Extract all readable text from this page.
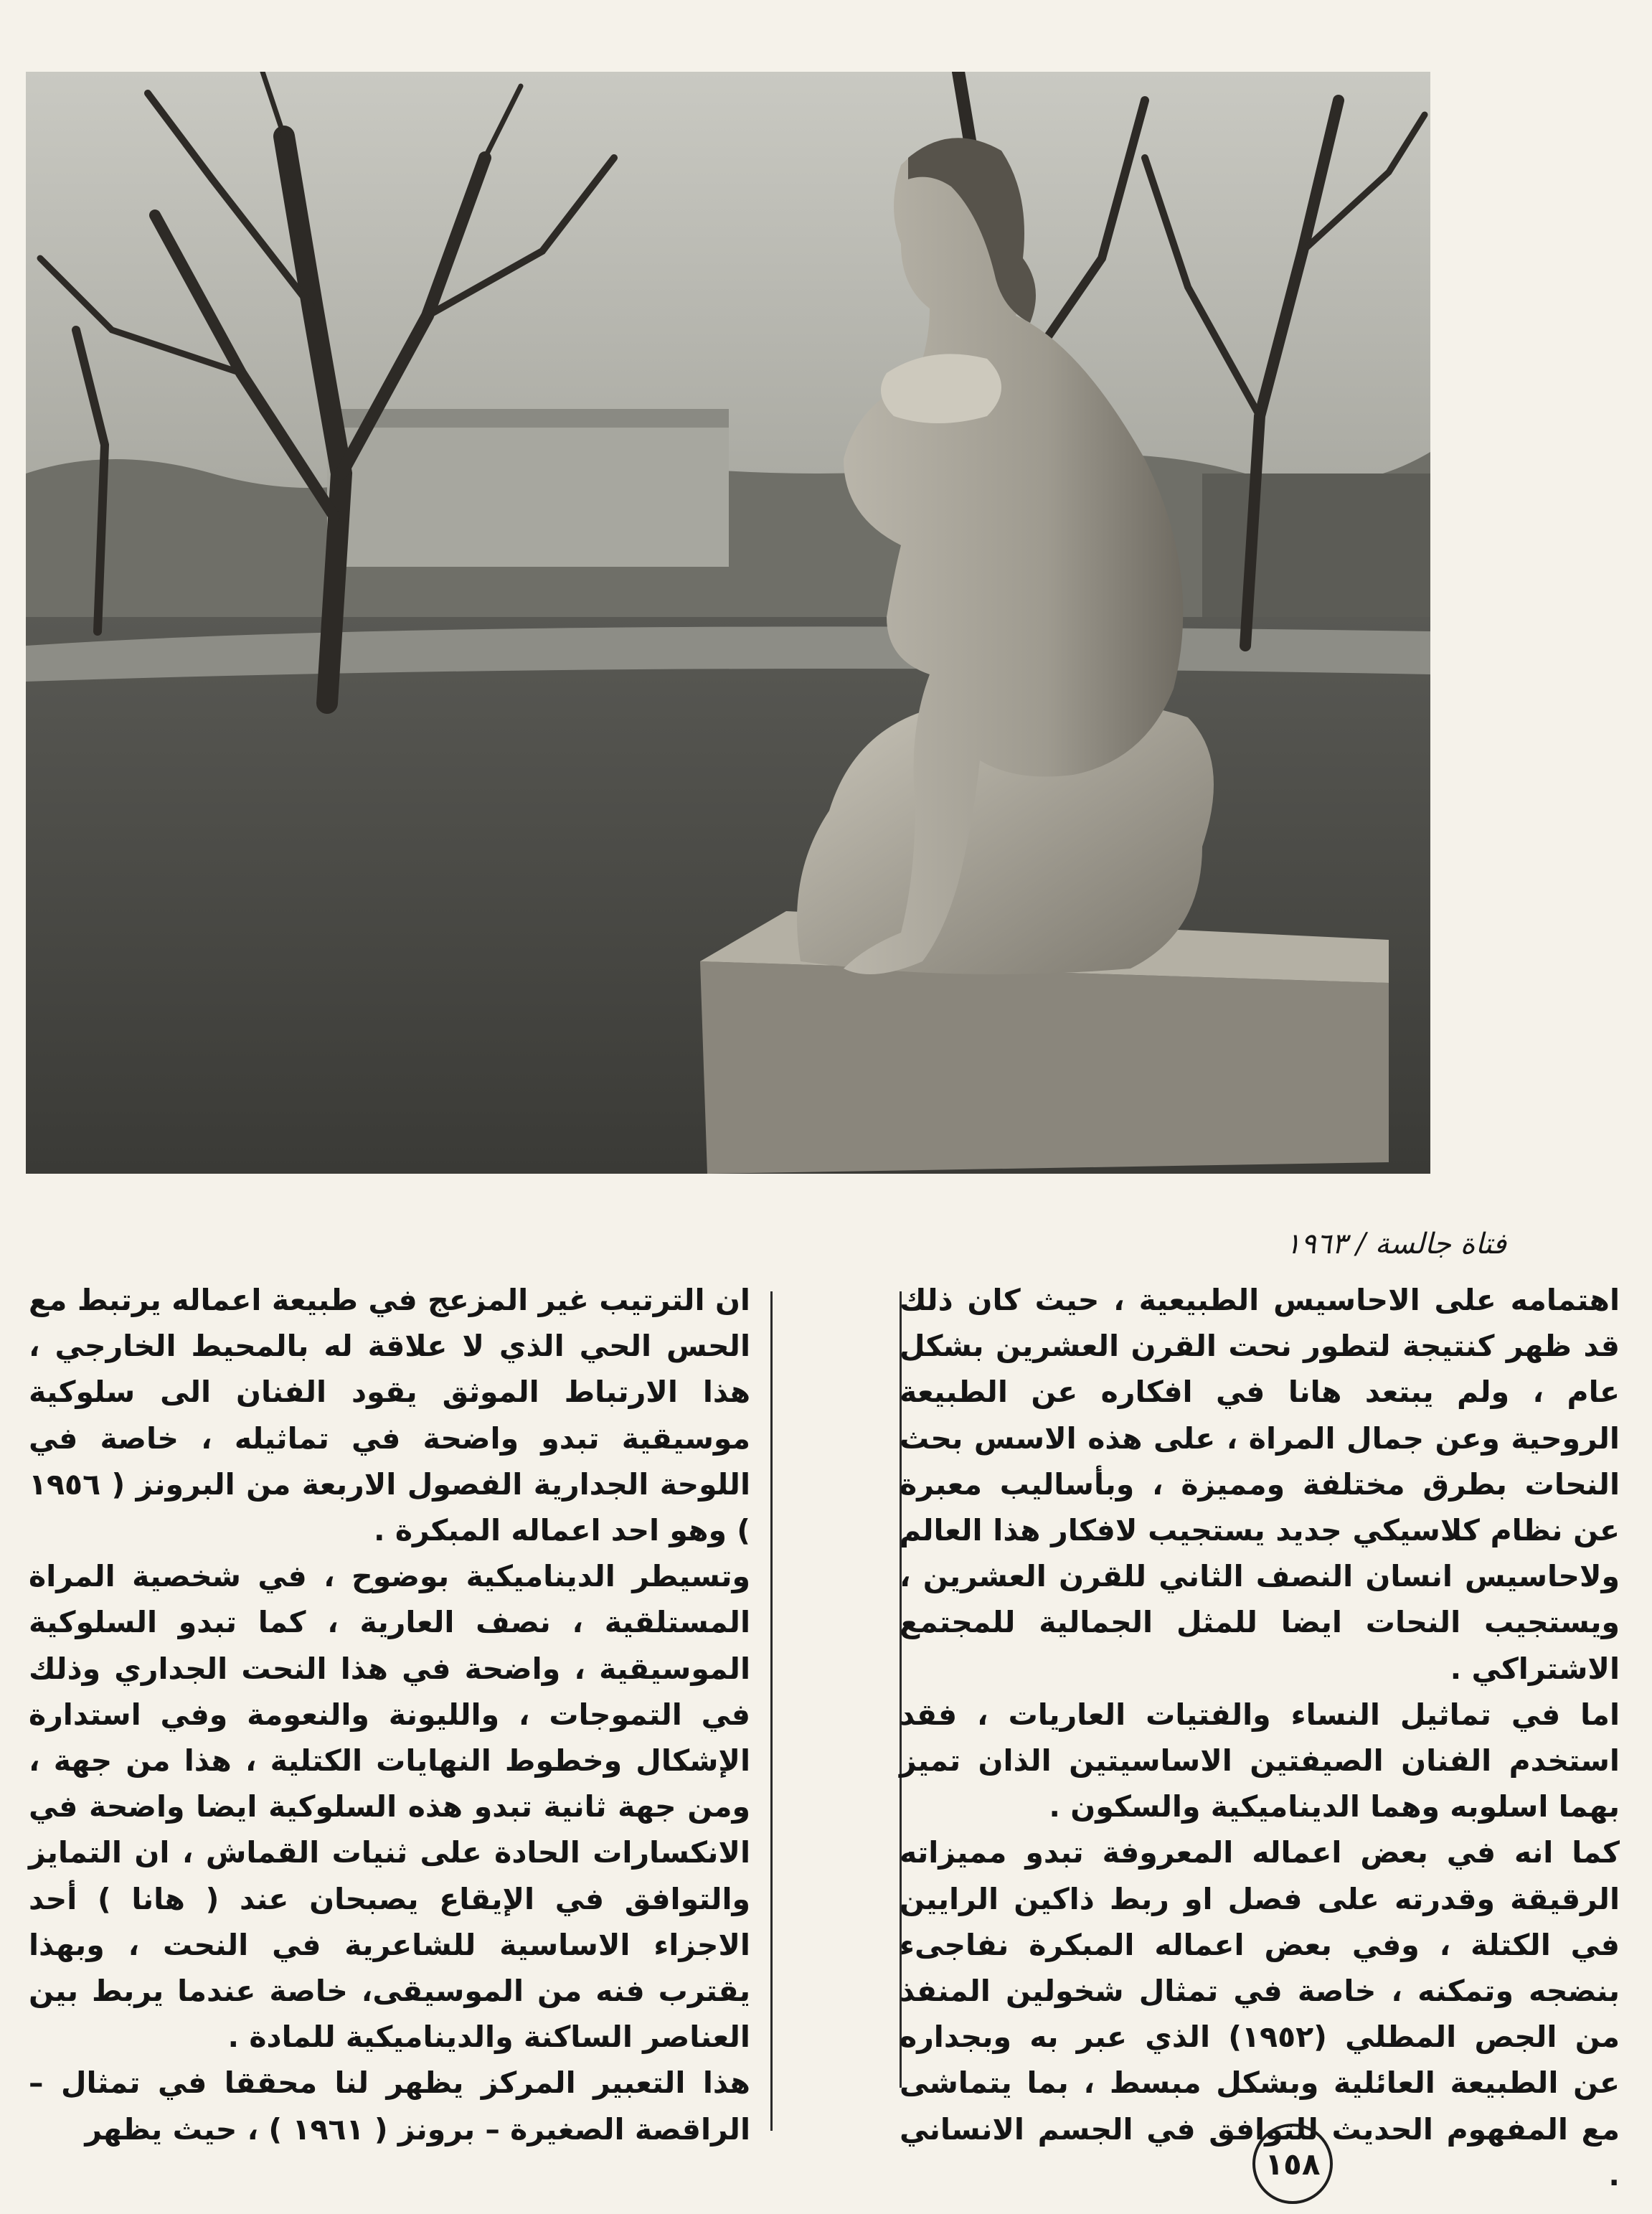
فتاة جالسة / ١٩٦٣

اهتمامه على الاحاسيس الطبيعية ، حيث كان ذلك قد ظهر كنتيجة لتطور نحت القرن العشرين بشكل عام ، ولم يبتعد هانا في افكاره عن الطبيعة الروحية وعن جمال المراة ، على هذه الاسس بحث النحات بطرق مختلفة ومميزة ، وبأساليب معبرة عن نظام كلاسيكي جديد يستجيب لافكار هذا العالم ولاحاسيس انسان النصف الثاني للقرن العشرين ، ويستجيب النحات ايضا للمثل الجمالية للمجتمع الاشتراكي .

اما في تماثيل النساء والفتيات العاريات ، فقد استخدم الفنان الصيفتين الاساسيتين الذان تميز بهما اسلوبه وهما الديناميكية والسكون .

كما انه في بعض اعماله المعروفة تبدو مميزاته الرقيقة وقدرته على فصل او ربط ذاكين الرايين في الكتلة ، وفي بعض اعماله المبكرة نفاجىء بنضجه وتمكنه ، خاصة في تمثال شخولين المنفذ من الجص المطلي (١٩٥٢) الذي عبر به وبجداره عن الطبيعة العائلية وبشكل مبسط ، بما يتماشى مع المفهوم الحديث للتوافق في الجسم الانساني .

ان الترتيب غير المزعج في طبيعة اعماله يرتبط مع الحس الحي الذي لا علاقة له بالمحيط الخارجي ، هذا الارتباط الموثق يقود الفنان الى سلوكية موسيقية تبدو واضحة في تماثيله ، خاصة في اللوحة الجدارية الفصول الاربعة من البرونز ( ١٩٥٦ ) وهو احد اعماله المبكرة .

وتسيطر الديناميكية بوضوح ، في شخصية المراة المستلقية ، نصف العارية ، كما تبدو السلوكية الموسيقية ، واضحة في هذا النحت الجداري وذلك في التموجات ، والليونة والنعومة وفي استدارة الإشكال وخطوط النهايات الكتلية ، هذا من جهة ، ومن جهة ثانية تبدو هذه السلوكية ايضا واضحة في الانكسارات الحادة على ثنيات القماش ، ان التمايز والتوافق في الإيقاع يصبحان عند ( هانا ) أحد الاجزاء الاساسية للشاعرية في النحت ، وبهذا يقترب فنه من الموسيقى، خاصة عندما يربط بين العناصر الساكنة والديناميكية للمادة .

هذا التعبير المركز يظهر لنا محققا في تمثال – الراقصة الصغيرة – برونز ( ١٩٦١ ) ، حيث يظهر

١٥٨
